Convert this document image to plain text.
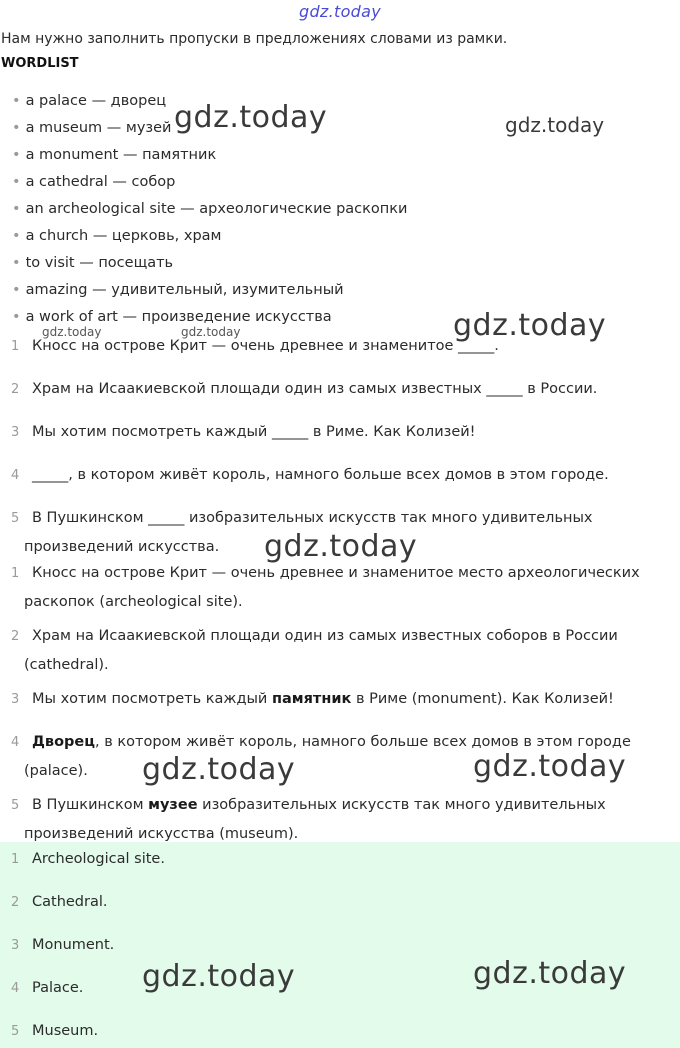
gdz.today
Нам нужно заполнить пропуски в предложениях словами из рамки.
WORDLIST
• a palace — дворец
• a museum — музей
• a monument — памятник
• a cathedral — собор
• an archeological site — археологические раскопки
• a church — церковь, храм
• to visit — посещать
• amazing — удивительный, изумительный
• a work of art — произведение искусства
1 Кносс на острове Крит — очень древнее и знаменитое _____.
2 Храм на Исаакиевской площади один из самых известных _____ в России.
3 Мы хотим посмотреть каждый _____ в Риме. Как Колизей!
4 _____, в котором живёт король, намного больше всех домов в этом городе.
5 В Пушкинском _____ изобразительных искусств так много удивительных
произведений искусства.
1 Кносс на острове Крит — очень древнее и знаменитое место археологических
раскопок (archeological site).
2 Храм на Исаакиевской площади один из самых известных соборов в России
(cathedral).
3 Мы хотим посмотреть каждый памятник в Риме (monument). Как Колизей!
4 Дворец, в котором живёт король, намного больше всех домов в этом городе
(palace).
5 В Пушкинском музее изобразительных искусств так много удивительных
произведений искусства (museum).
1 Archeological site.
2 Cathedral.
3 Monument.
4 Palace.
5 Museum.
gdz.today	gdz.today
gdz.today	gdz.today	gdz.today
gdz.today
gdz.today	gdz.today
gdz.today	gdz.today
